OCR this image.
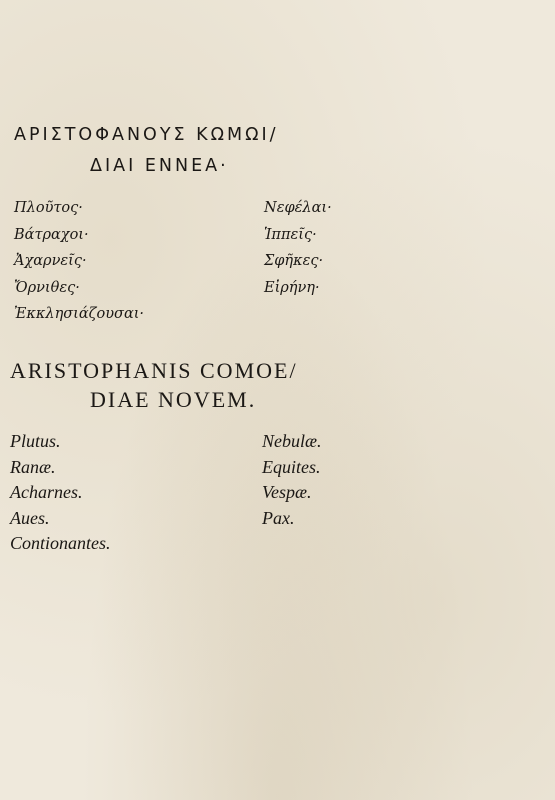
ΑΡΙΣΤΟΦΑΝΟΥΣ ΚΩΜΩΙ/
ΔΙΑΙ ΕΝΝΕΑ·
Πλοῦτος·
Βάτραχοι·
Ἀχαρνεῖς·
Ὄρνιθες·
Ἐκκλησιάζουσαι·
Νεφέλαι·
Ἱππεῖς·
Σφῆκες·
Εἰρήνη·
ARISTOPHANIS COMOE/
DIAE NOVEM.
Plutus.
Ranæ.
Acharnes.
Aues.
Contionantes.
Nebulæ.
Equites.
Vespæ.
Pax.
